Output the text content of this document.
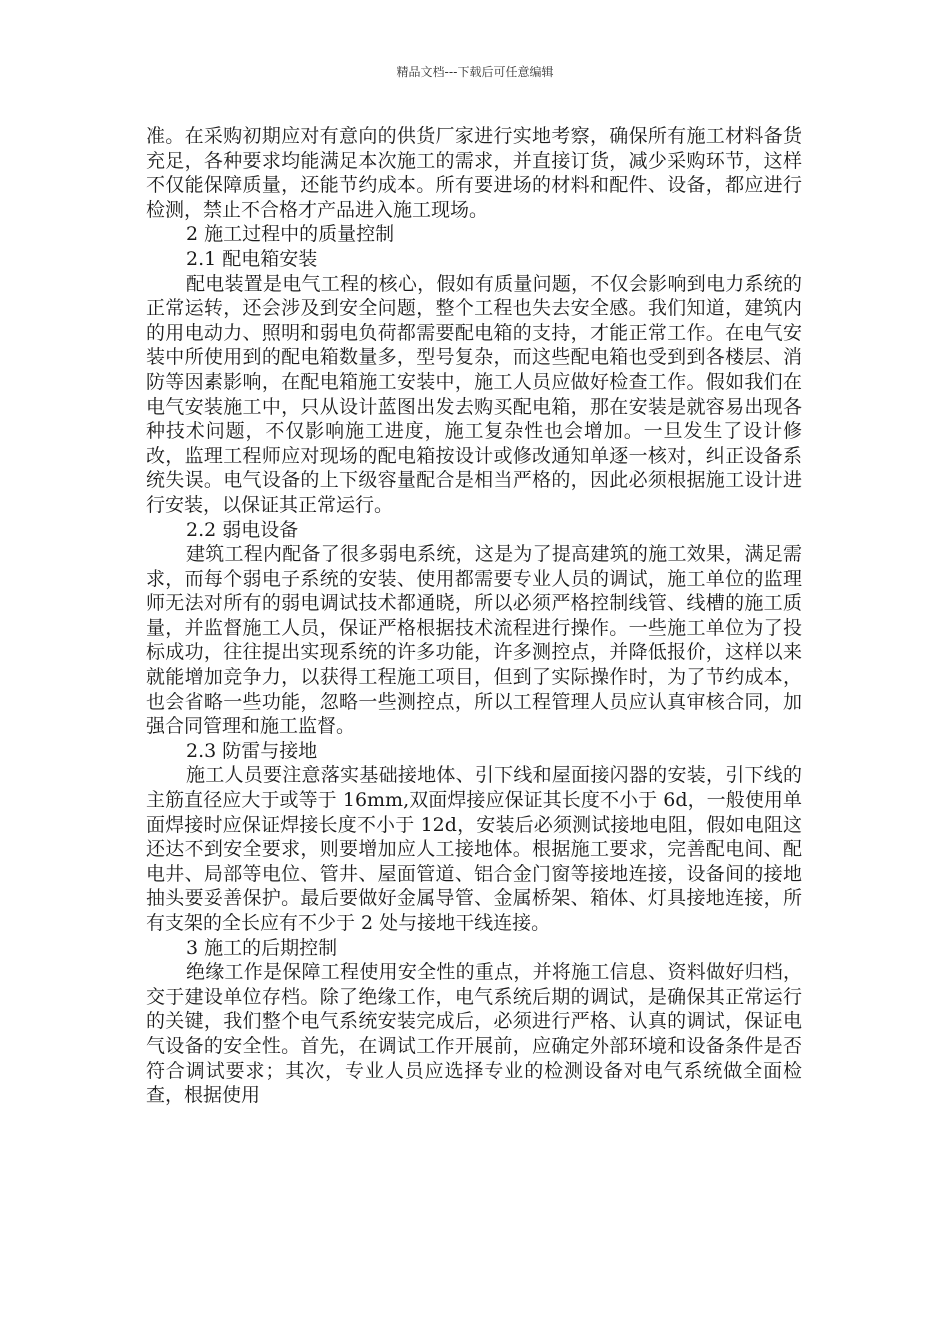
精品文档---下载后可任意编辑

准。在采购初期应对有意向的供货厂家进行实地考察，确保所有施工材料备货充足，各种要求均能满足本次施工的需求，并直接订货，减少采购环节，这样不仅能保障质量，还能节约成本。所有要进场的材料和配件、设备，都应进行检测，禁止不合格才产品进入施工现场。

2 施工过程中的质量控制

2.1 配电箱安装

配电装置是电气工程的核心，假如有质量问题，不仅会影响到电力系统的正常运转，还会涉及到安全问题，整个工程也失去安全感。我们知道，建筑内的用电动力、照明和弱电负荷都需要配电箱的支持，才能正常工作。在电气安装中所使用到的配电箱数量多，型号复杂，而这些配电箱也受到到各楼层、消防等因素影响，在配电箱施工安装中，施工人员应做好检查工作。假如我们在电气安装施工中，只从设计蓝图出发去购买配电箱，那在安装是就容易出现各种技术问题，不仅影响施工进度，施工复杂性也会增加。一旦发生了设计修改，监理工程师应对现场的配电箱按设计或修改通知单逐一核对，纠正设备系统失误。电气设备的上下级容量配合是相当严格的，因此必须根据施工设计进行安装，以保证其正常运行。

2.2 弱电设备

建筑工程内配备了很多弱电系统，这是为了提高建筑的施工效果，满足需求，而每个弱电子系统的安装、使用都需要专业人员的调试，施工单位的监理师无法对所有的弱电调试技术都通晓，所以必须严格控制线管、线槽的施工质量，并监督施工人员，保证严格根据技术流程进行操作。一些施工单位为了投标成功，往往提出实现系统的许多功能，许多测控点，并降低报价，这样以来就能增加竞争力，以获得工程施工项目，但到了实际操作时，为了节约成本，也会省略一些功能，忽略一些测控点，所以工程管理人员应认真审核合同，加强合同管理和施工监督。

2.3 防雷与接地

施工人员要注意落实基础接地体、引下线和屋面接闪器的安装，引下线的主筋直径应大于或等于 16mm,双面焊接应保证其长度不小于 6d，一般使用单面焊接时应保证焊接长度不小于 12d，安装后必须测试接地电阻，假如电阻这还达不到安全要求，则要增加应人工接地体。根据施工要求，完善配电间、配电井、局部等电位、管井、屋面管道、铝合金门窗等接地连接，设备间的接地抽头要妥善保护。最后要做好金属导管、金属桥架、箱体、灯具接地连接，所有支架的全长应有不少于 2 处与接地干线连接。

3 施工的后期控制

绝缘工作是保障工程使用安全性的重点，并将施工信息、资料做好归档，交于建设单位存档。除了绝缘工作，电气系统后期的调试，是确保其正常运行的关键，我们整个电气系统安装完成后，必须进行严格、认真的调试，保证电气设备的安全性。首先，在调试工作开展前，应确定外部环境和设备条件是否符合调试要求；其次，专业人员应选择专业的检测设备对电气系统做全面检查，根据使用
